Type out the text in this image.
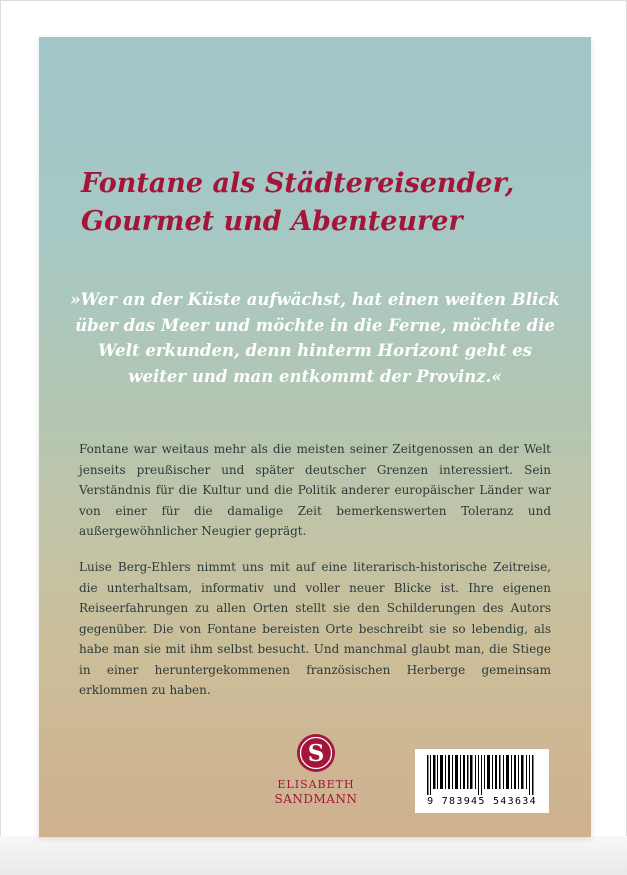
Fontane als Städtereisender,
Gourmet und Abenteurer

»Wer an der Küste aufwächst, hat einen weiten Blick über das Meer und möchte in die Ferne, möchte die Welt erkunden, denn hinterm Horizont geht es weiter und man entkommt der Provinz.«

Fontane war weitaus mehr als die meisten seiner Zeitgenossen an der Welt jenseits preußischer und später deutscher Grenzen interessiert. Sein Verständnis für die Kultur und die Politik anderer europäischer Länder war von einer für die damalige Zeit bemerkenswerten Toleranz und außergewöhnlicher Neugier geprägt.

Luise Berg-Ehlers nimmt uns mit auf eine literarisch-historische Zeitreise, die unterhaltsam, informativ und voller neuer Blicke ist. Ihre eigenen Reiseerfahrungen zu allen Orten stellt sie den Schilderungen des Autors gegenüber. Die von Fontane bereisten Orte beschreibt sie so lebendig, als habe man sie mit ihm selbst besucht. Und manchmal glaubt man, die Stiege in einer heruntergekommenen französischen Herberge gemeinsam erklommen zu haben.

S
ELISABETH
SANDMANN	9 783945 543634
